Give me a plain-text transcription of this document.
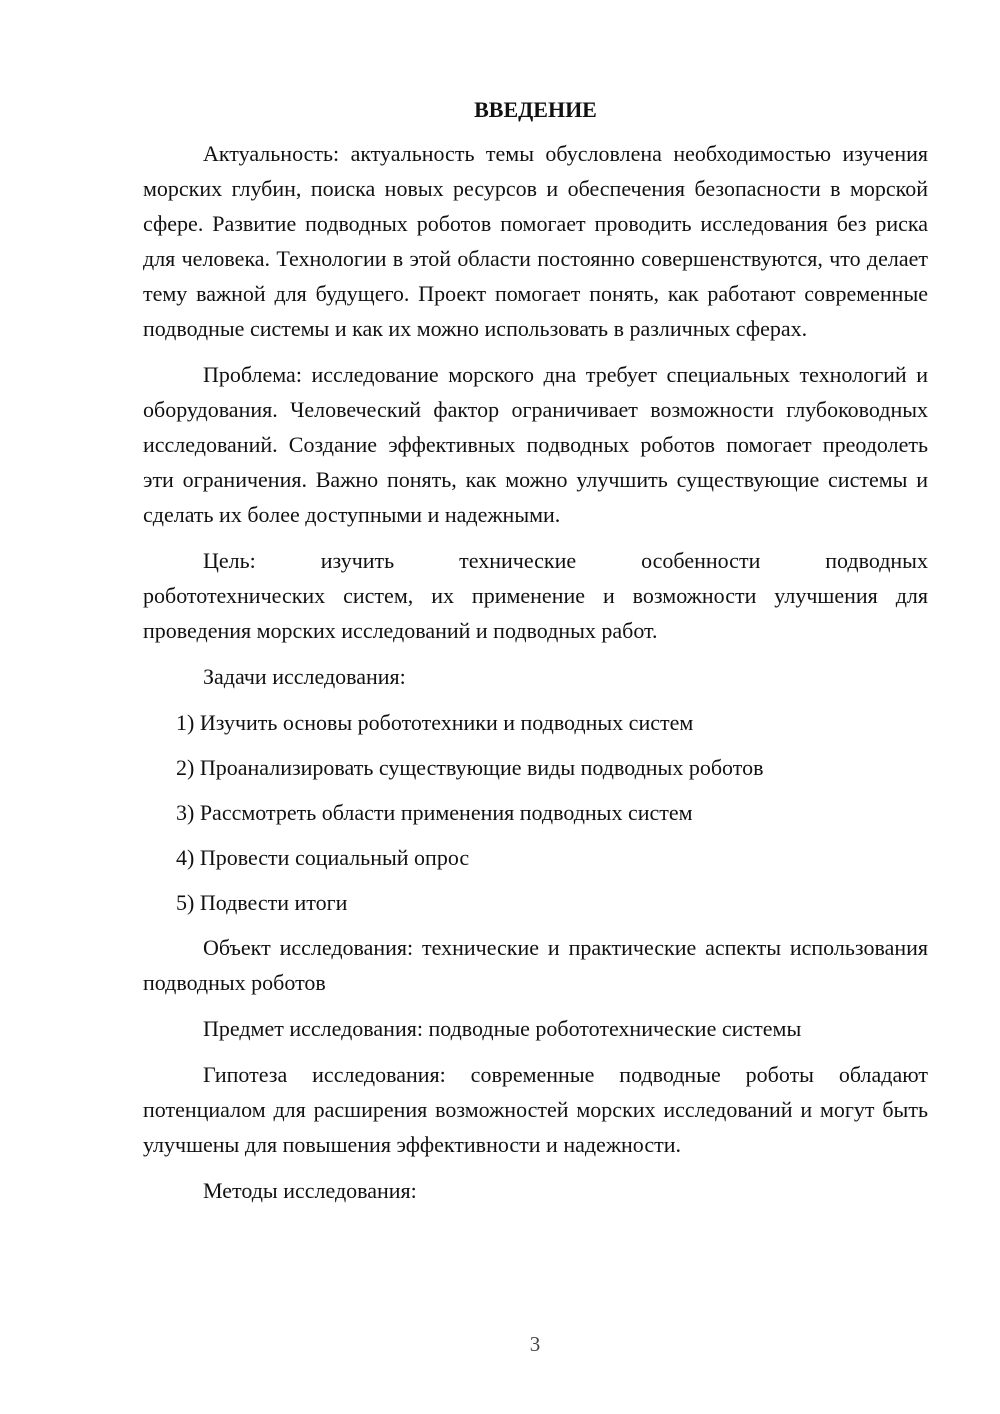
ВВЕДЕНИЕ

Актуальность: актуальность темы обусловлена необходимостью изучения морских глубин, поиска новых ресурсов и обеспечения безопасности в морской сфере. Развитие подводных роботов помогает проводить исследования без риска для человека. Технологии в этой области постоянно совершенствуются, что делает тему важной для будущего. Проект помогает понять, как работают современные подводные системы и как их можно использовать в различных сферах.

Проблема: исследование морского дна требует специальных технологий и оборудования. Человеческий фактор ограничивает возможности глубоководных исследований. Создание эффективных подводных роботов помогает преодолеть эти ограничения. Важно понять, как можно улучшить существующие системы и сделать их более доступными и надежными.

Цель:	изучить	технические	особенности	подводных

робототехнических систем, их применение и возможности улучшения для проведения морских исследований и подводных работ.

Задачи исследования:

1) Изучить основы робототехники и подводных систем
2) Проанализировать существующие виды подводных роботов
3) Рассмотреть области применения подводных систем
4) Провести социальный опрос
5) Подвести итоги

Объект исследования: технические и практические аспекты использования подводных роботов

Предмет исследования: подводные робототехнические системы

Гипотеза исследования: современные подводные роботы обладают потенциалом для расширения возможностей морских исследований и могут быть улучшены для повышения эффективности и надежности.

Методы исследования:

3
